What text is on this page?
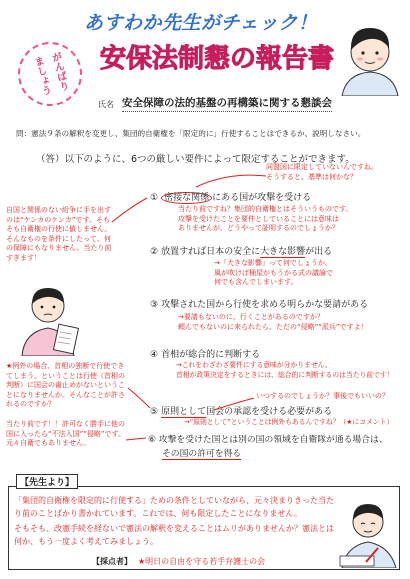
あすわか先生がチェック！
安保法制懇の報告書
がんばり
ましょう
氏名 安全保障の法的基盤の再構築に関する懇談会
問：憲法９条の解釈を変更し、集団的自衛権を「限定的に」行使することはできるか、説明しなさい。
（答）以下のように、6つの厳しい要件によって限定することができます。
同盟国に限定していないんですね。
そうすると、基準は何かな？
① 密接な関係 にある国が攻撃を受ける
当たり前ですね？集団的自衛権とはそういうものです。
攻撃を受けたことを要件としていることには意味は
ありませんが、どうやって証明するのでしょうか？
② 放置すれば日本の安全に大きな影響が出る
→「大きな影響」って何でしょうか。
風が吹けば桶屋がもうかる式の議論で
何でも含んでしまいます。
③ 攻撃された国から行使を求める明らかな要請がある
→要請もないのに、行くことがあるのですか？
頼んでもないのに来られたら、ただの“侵略”“派兵”ですよ！
④ 首相が総合的に判断する
→これをわざわざ要件にする意味が分かりません。
首相が政策決定をするときには、総合的に判断するのは当たり前です！
いつするのでしょうか？事後でもいいの？
⑤ 原則として国会の承認を受ける必要がある
→“原則として”ということは例外もあるんですね？（★にコメント）
⑥ 攻撃を受けた国とは別の国の領域を自衛隊が通る場合は、
その国の許可を得る
自国と関係のない紛争に手を出すのは“ケンカのケンカ”です。そもそも自衛権の行使に値しません。そんなものを条件にしたって、何の保障にもなりません。当たり前すぎます！
★例外の場合、首相の独断で行使できてしまう。ということは行使（首相の判断）に国会の歯止めがないということになりませんか。そんなことが許されるのですか？
当たり前です！！許可なく勝手に他の国に入ったら“不法入国”“侵略”です。元々自衛でもありません。
【先生より】
「集団的自衛権を限定的に行使する」ための条件としていながら、元々決まりきった当たり前のことばかり書かれています。これでは、何も限定したことになりません。
そもそも、改憲手続を経ないで憲法の解釈を変えることはムリがありませんか？憲法とは何か、もう一度よく考えてみましょう。
【採点者】 ★明日の自由を守る若手弁護士の会
